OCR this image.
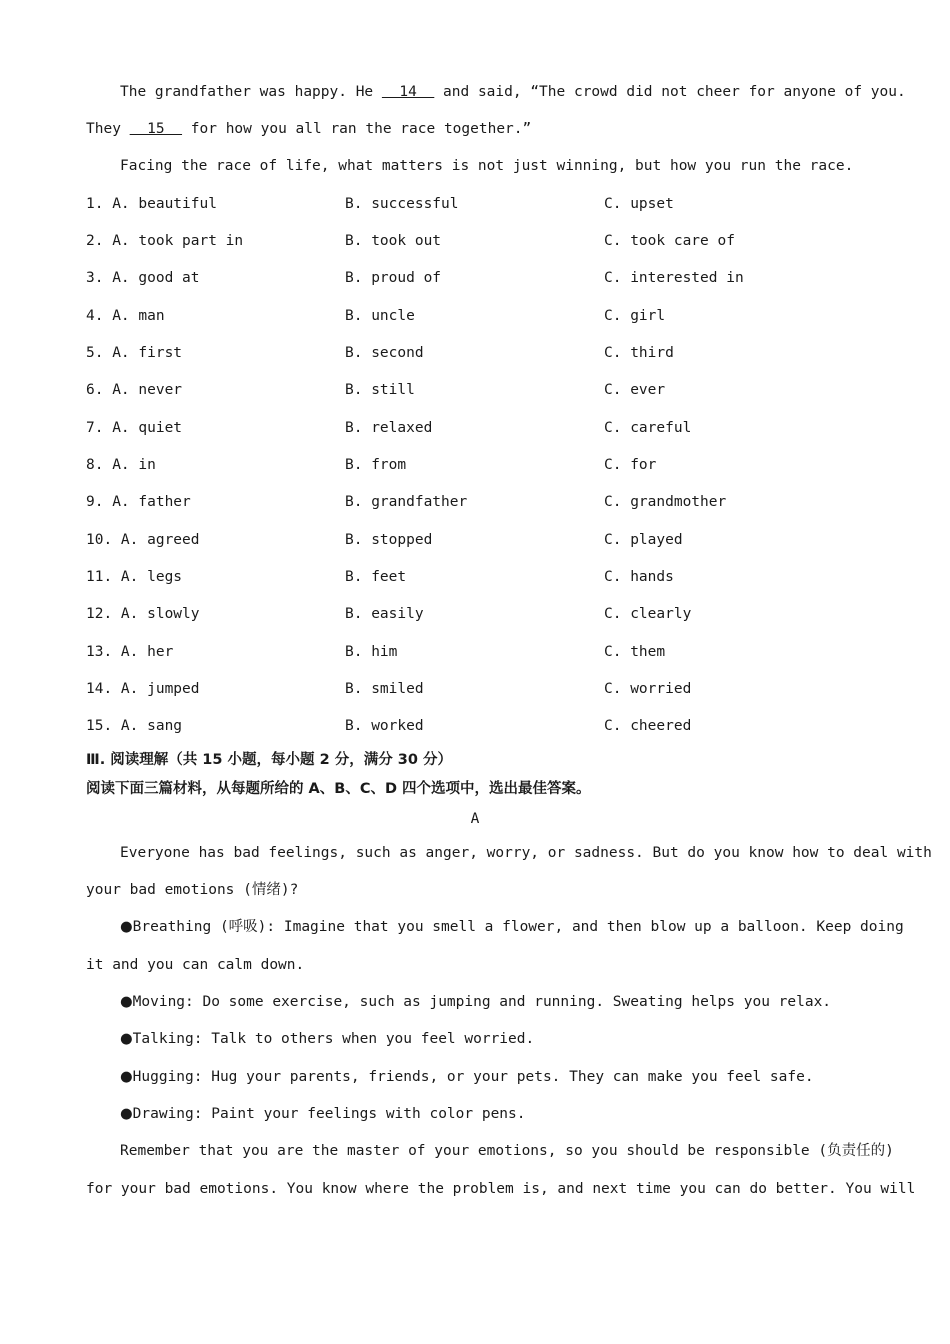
The grandfather was happy. He   14   and said, “The crowd did not cheer for anyone of you.
They   15   for how you all ran the race together.”
Facing the race of life, what matters is not just winning, but how you run the race.
1. A. beautiful	B. successful	C. upset
2. A. took part in	B. took out	C. took care of
3. A. good at	B. proud of	C. interested in
4. A. man	B. uncle	C. girl
5. A. first	B. second	C. third
6. A. never	B. still	C. ever
7. A. quiet	B. relaxed	C. careful
8. A. in	B. from	C. for
9. A. father	B. grandfather	C. grandmother
10. A. agreed	B. stopped	C. played
11. A. legs	B. feet	C. hands
12. A. slowly	B. easily	C. clearly
13. A. her	B. him	C. them
14. A. jumped	B. smiled	C. worried
15. A. sang	B. worked	C. cheered
Ⅲ. 阅读理解（共 15 小题，每小题 2 分，满分 30 分）
阅读下面三篇材料，从每题所给的 A、B、C、D 四个选项中，选出最佳答案。
A
Everyone has bad feelings, such as anger, worry, or sadness. But do you know how to deal with
your bad emotions (情绪)?
●Breathing (呼吸): Imagine that you smell a flower, and then blow up a balloon. Keep doing
it and you can calm down.
●Moving: Do some exercise, such as jumping and running. Sweating helps you relax.
●Talking: Talk to others when you feel worried.
●Hugging: Hug your parents, friends, or your pets. They can make you feel safe.
●Drawing: Paint your feelings with color pens.
Remember that you are the master of your emotions, so you should be responsible (负责任的)
for your bad emotions. You know where the problem is, and next time you can do better. You will
